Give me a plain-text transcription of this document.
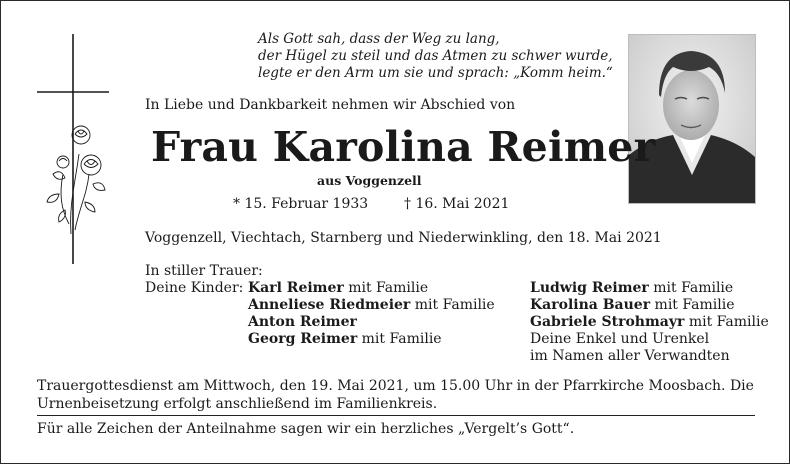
Als Gott sah, dass der Weg zu lang,
der Hügel zu steil und das Atmen zu schwer wurde,
legte er den Arm um sie und sprach: „Komm heim.“
In Liebe und Dankbarkeit nehmen wir Abschied von
Frau Karolina Reimer
aus Voggenzell
* 15. Februar 1933	† 16. Mai 2021
Voggenzell, Viechtach, Starnberg und Niederwinkling, den 18. Mai 2021
In stiller Trauer:
Deine Kinder: Karl Reimer mit Familie
Anneliese Riedmeier mit Familie
Anton Reimer
Georg Reimer mit Familie
Ludwig Reimer mit Familie
Karolina Bauer mit Familie
Gabriele Strohmayr mit Familie
Deine Enkel und Urenkel
im Namen aller Verwandten
Trauergottesdienst am Mittwoch, den 19. Mai 2021, um 15.00 Uhr in der Pfarrkirche Moosbach. Die Urnenbeisetzung erfolgt anschließend im Familienkreis.
Für alle Zeichen der Anteilnahme sagen wir ein herzliches „Vergelt’s Gott“.
